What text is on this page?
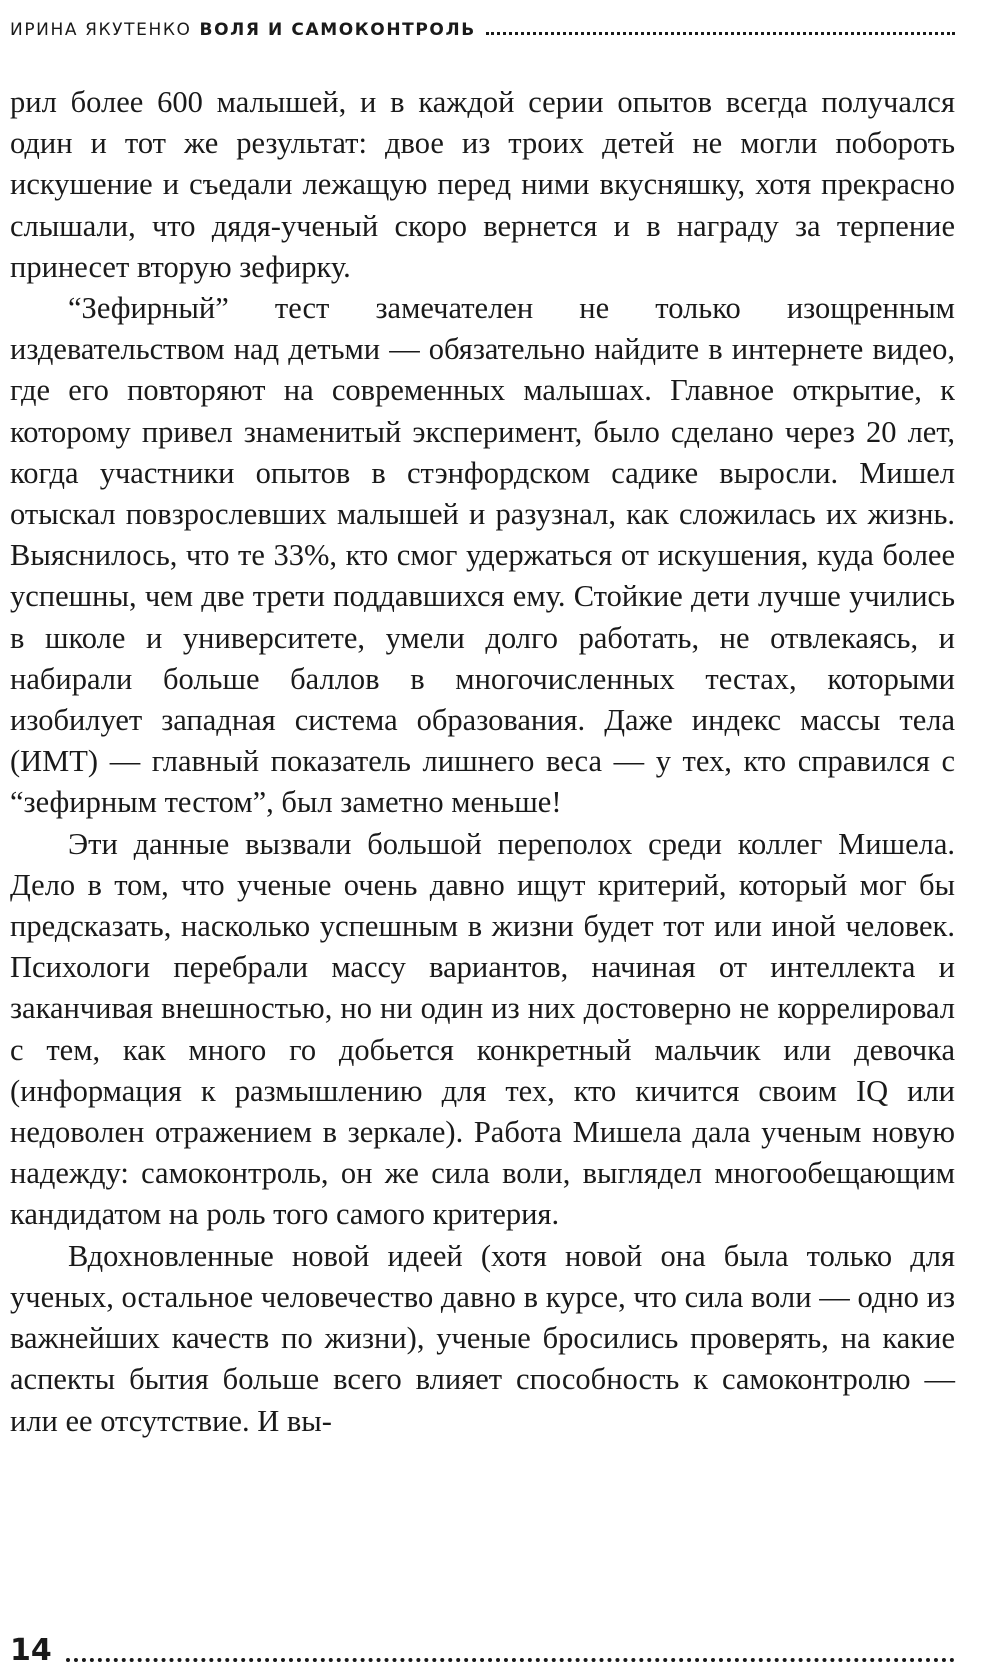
ИРИНА ЯКУТЕНКО ВОЛЯ И САМОКОНТРОЛЬ

рил более 600 малышей, и в каждой серии опытов всегда получался один и тот же результат: двое из троих детей не могли побороть искушение и съедали лежащую перед ними вкусняшку, хотя прекрасно слышали, что дядя-ученый скоро вернется и в награду за терпение принесет вторую зефирку.

“Зефирный” тест замечателен не только изощренным издевательством над детьми — обязательно найдите в интернете видео, где его повторяют на современных малышах. Главное открытие, к которому привел знаменитый эксперимент, было сделано через 20 лет, когда участники опытов в стэнфордском садике выросли. Мишел отыскал повзрослевших малышей и разузнал, как сложилась их жизнь. Выяснилось, что те 33%, кто смог удержаться от искушения, куда более успешны, чем две трети поддавшихся ему. Стойкие дети лучше учились в школе и университете, умели долго работать, не отвлекаясь, и набирали больше баллов в многочисленных тестах, которыми изобилует западная система образования. Даже индекс массы тела (ИМТ) — главный показатель лишнего веса — у тех, кто справился с “зефирным тестом”, был заметно меньше!

Эти данные вызвали большой переполох среди коллег Мишела. Дело в том, что ученые очень давно ищут критерий, который мог бы предсказать, насколько успешным в жизни будет тот или иной человек. Психологи перебрали массу вариантов, начиная от интеллекта и заканчивая внешностью, но ни один из них достоверно не коррелировал с тем, как много го добьется конкретный мальчик или девочка (информация к размышлению для тех, кто кичится своим IQ или недоволен отражением в зеркале). Работа Мишела дала ученым новую надежду: самоконтроль, он же сила воли, выглядел многообещающим кандидатом на роль того самого критерия.

Вдохновленные новой идеей (хотя новой она была только для ученых, остальное человечество давно в курсе, что сила воли — одно из важнейших качеств по жизни), ученые бросились проверять, на какие аспекты бытия больше всего влияет способность к самоконтролю — или ее отсутствие. И вы-

14
